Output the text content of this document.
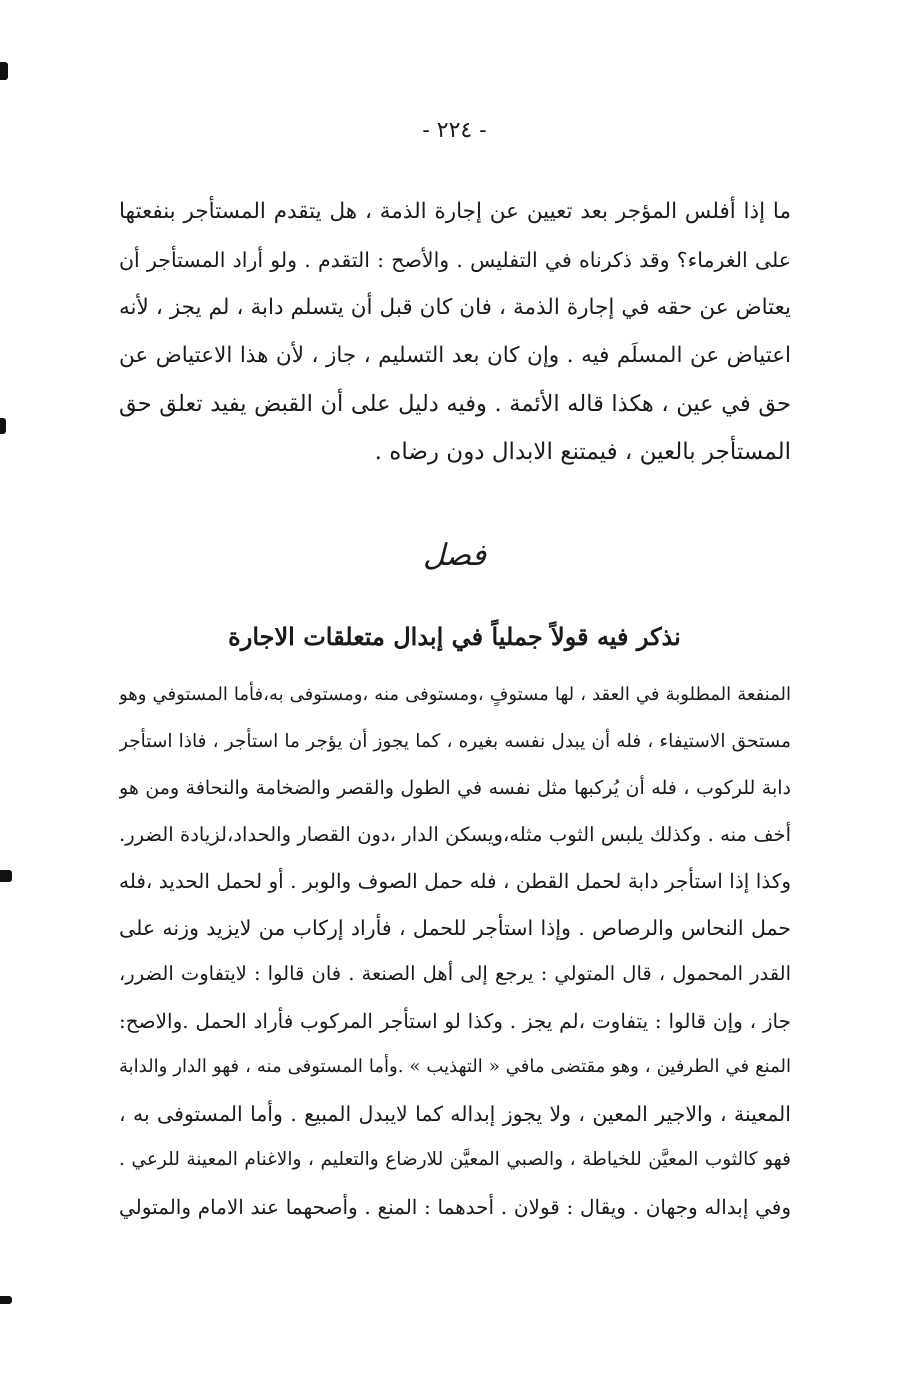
- ٢٢٤ -
ما إذا أفلس المؤجر بعد تعيين عن إجارة الذمة ، هل يتقدم المستأجر بنفعتها
على الغرماء؟ وقد ذكرناه في التفليس . والأصح : التقدم . ولو أراد المستأجر أن
يعتاض عن حقه في إجارة الذمة ، فان كان قبل أن يتسلم دابة ، لم يجز ، لأنه
اعتياض عن المسلَم فيه . وإن كان بعد التسليم ، جاز ، لأن هذا الاعتياض عن
حق في عين ، هكذا قاله الأئمة . وفيه دليل على أن القبض يفيد تعلق حق
المستأجر بالعين ، فيمتنع الابدال دون رضاه .
فصل
نذكر فيه قولاً جملياً في إبدال متعلقات الاجارة
المنفعة المطلوبة في العقد ، لها مستوفٍ ،ومستوفى منه ،ومستوفى به،فأما المستوفي وهو
مستحق الاستيفاء ، فله أن يبدل نفسه بغيره ، كما يجوز أن يؤجر ما استأجر ، فاذا استأجر
دابة للركوب ، فله أن يُركبها مثل نفسه في الطول والقصر والضخامة والنحافة ومن هو
أخف منه . وكذلك يلبس الثوب مثله،ويسكن الدار ،دون القصار والحداد،لزيادة الضرر.
وكذا إذا استأجر دابة لحمل القطن ، فله حمل الصوف والوبر . أو لحمل الحديد ،فله
حمل النحاس والرصاص . وإذا استأجر للحمل ، فأراد إركاب من لايزيد وزنه على
القدر المحمول ، قال المتولي : يرجع إلى أهل الصنعة . فان قالوا : لايتفاوت الضرر،
جاز ، وإن قالوا : يتفاوت ،لم يجز . وكذا لو استأجر المركوب فأراد الحمل .والاصح:
المنع في الطرفين ، وهو مقتضى مافي « التهذيب » .وأما المستوفى منه ، فهو الدار والدابة
المعينة ، والاجير المعين ، ولا يجوز إبداله كما لايبدل المبيع . وأما المستوفى به ،
فهو كالثوب المعيَّن للخياطة ، والصبي المعيَّن للارضاع والتعليم ، والاغنام المعينة للرعي .
وفي إبداله وجهان . ويقال : قولان . أحدهما : المنع . وأصحهما عند الامام والمتولي
